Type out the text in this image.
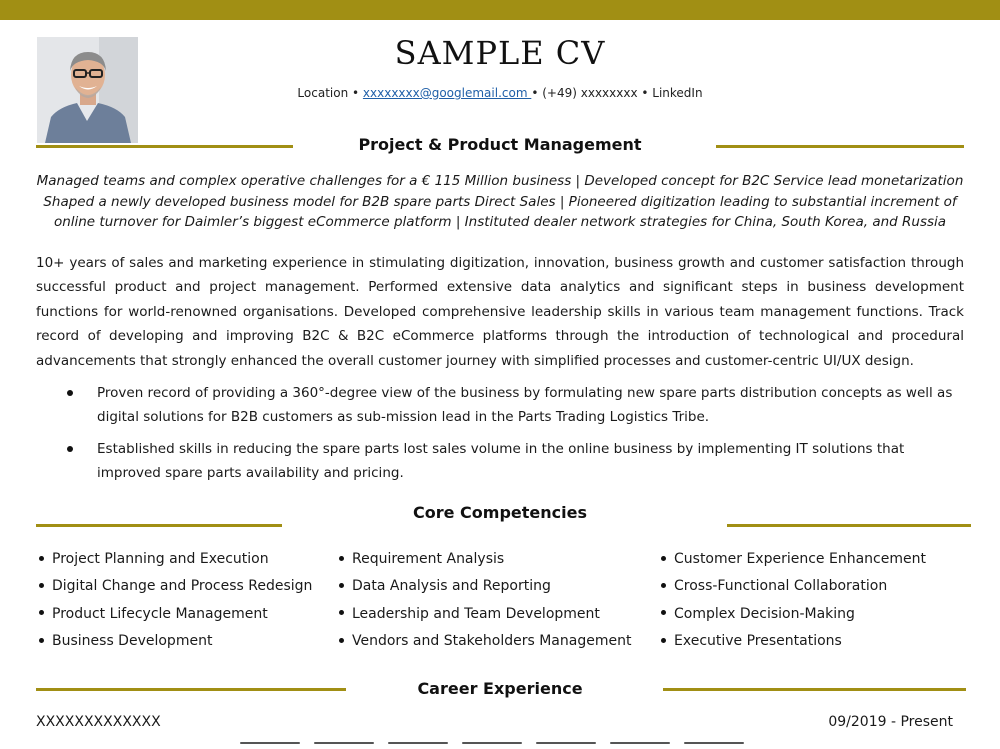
SAMPLE CV
Location • xxxxxxxx@googlemail.com • (+49) xxxxxxxx • LinkedIn
Project & Product Management
Managed teams and complex operative challenges for a € 115 Million business | Developed concept for B2C Service lead monetarization
Shaped a newly developed business model for B2B spare parts Direct Sales | Pioneered digitization leading to substantial increment of
online turnover for Daimler’s biggest eCommerce platform | Instituted dealer network strategies for China, South Korea, and Russia
10+ years of sales and marketing experience in stimulating digitization, innovation, business growth and customer satisfaction through successful product and project management. Performed extensive data analytics and significant steps in business development functions for world-renowned organisations. Developed comprehensive leadership skills in various team management functions. Track record of developing and improving B2C & B2C eCommerce platforms through the introduction of technological and procedural advancements that strongly enhanced the overall customer journey with simplified processes and customer-centric UI/UX design.
Proven record of providing a 360°-degree view of the business by formulating new spare parts distribution concepts as well as digital solutions for B2B customers as sub-mission lead in the Parts Trading Logistics Tribe.
Established skills in reducing the spare parts lost sales volume in the online business by implementing IT solutions that improved spare parts availability and pricing.
Core Competencies
Project Planning and Execution
Digital Change and Process Redesign
Product Lifecycle Management
Business Development
Requirement Analysis
Data Analysis and Reporting
Leadership and Team Development
Vendors and Stakeholders Management
Customer Experience Enhancement
Cross-Functional Collaboration
Complex Decision-Making
Executive Presentations
Career Experience
XXXXXXXXXXXXX	09/2019 - Present
